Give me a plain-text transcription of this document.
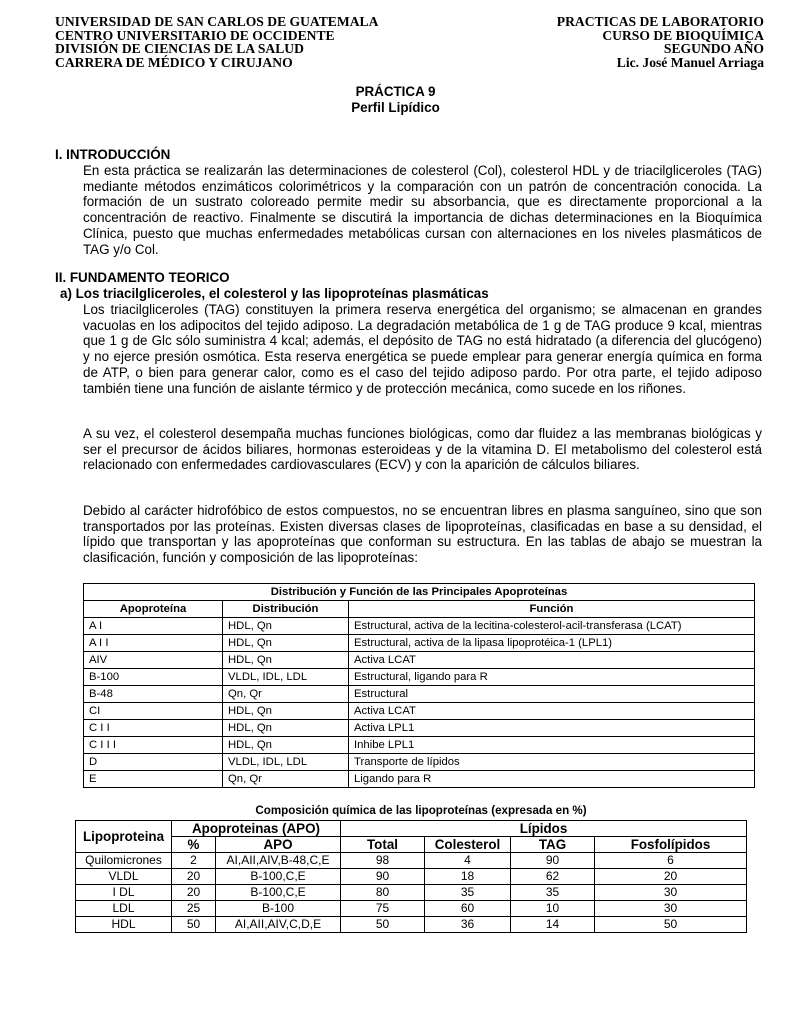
UNIVERSIDAD DE SAN CARLOS DE GUATEMALA
CENTRO UNIVERSITARIO DE OCCIDENTE
DIVISIÓN DE CIENCIAS DE LA SALUD
CARRERA DE MÉDICO Y CIRUJANO
PRACTICAS DE LABORATORIO
CURSO DE BIOQUÍMICA
SEGUNDO AÑO
Lic. José Manuel Arriaga
PRÁCTICA 9
Perfil Lipídico
I. INTRODUCCIÓN

En esta práctica se realizarán las determinaciones de colesterol (Col), colesterol HDL y de triacilgliceroles (TAG) mediante métodos enzimáticos colorimétricos y la comparación con un patrón de concentración conocida. La formación de un sustrato coloreado permite medir su absorbancia, que es directamente proporcional a la concentración de reactivo. Finalmente se discutirá la importancia de dichas determinaciones en la Bioquímica Clínica, puesto que muchas enfermedades metabólicas cursan con alternaciones en los niveles plasmáticos de TAG y/o Col.

II. FUNDAMENTO TEORICO
a) Los triacilgliceroles, el colesterol y las lipoproteínas plasmáticas

Los triacilgliceroles (TAG) constituyen la primera reserva energética del organismo; se almacenan en grandes vacuolas en los adipocitos del tejido adiposo. La degradación metabólica de 1 g de TAG produce 9 kcal, mientras que 1 g de Glc sólo suministra 4 kcal; además, el depósito de TAG no está hidratado (a diferencia del glucógeno) y no ejerce presión osmótica. Esta reserva energética se puede emplear para generar energía química en forma de ATP, o bien para generar calor, como es el caso del tejido adiposo pardo. Por otra parte, el tejido adiposo también tiene una función de aislante térmico y de protección mecánica, como sucede en los riñones.

A su vez, el colesterol desempaña muchas funciones biológicas, como dar fluidez a las membranas biológicas y ser el precursor de ácidos biliares, hormonas esteroideas y de la vitamina D. El metabolismo del colesterol está relacionado con enfermedades cardiovasculares (ECV) y con la aparición de cálculos biliares.

Debido al carácter hidrofóbico de estos compuestos, no se encuentran libres en plasma sanguíneo, sino que son transportados por las proteínas. Existen diversas clases de lipoproteínas, clasificadas en base a su densidad, el lípido que transportan y las apoproteínas que conforman su estructura. En las tablas de abajo se muestran la clasificación, función y composición de las lipoproteínas:

Distribución y Función de las Principales Apoproteínas		
Apoproteína	Distribución	Función
A I	HDL, Qn	Estructural, activa de la lecitina-colesterol-acil-transferasa (LCAT)
A I I	HDL, Qn	Estructural, activa de la lipasa lipoprotéica-1 (LPL1)
AIV	HDL, Qn	Activa LCAT
B-100	VLDL, IDL, LDL	Estructural, ligando para R
B-48	Qn, Qr	Estructural
CI	HDL, Qn	Activa LCAT
C I I	HDL, Qn	Activa LPL1
C I I I	HDL, Qn	Inhibe LPL1
D	VLDL, IDL, LDL	Transporte de lípidos
E	Qn, Qr	Ligando para R
Composición química de las lipoproteínas (expresada en %)
Lipoproteina	Apoproteinas (APO)		Lípidos			
	%	APO	Total	Colesterol	TAG	Fosfolípidos
Quilomicrones	2	AI,AII,AIV,B-48,C,E	98	4	90	6
VLDL	20	B-100,C,E	90	18	62	20
I DL	20	B-100,C,E	80	35	35	30
LDL	25	B-100	75	60	10	30
HDL	50	AI,AII,AIV,C,D,E	50	36	14	50
